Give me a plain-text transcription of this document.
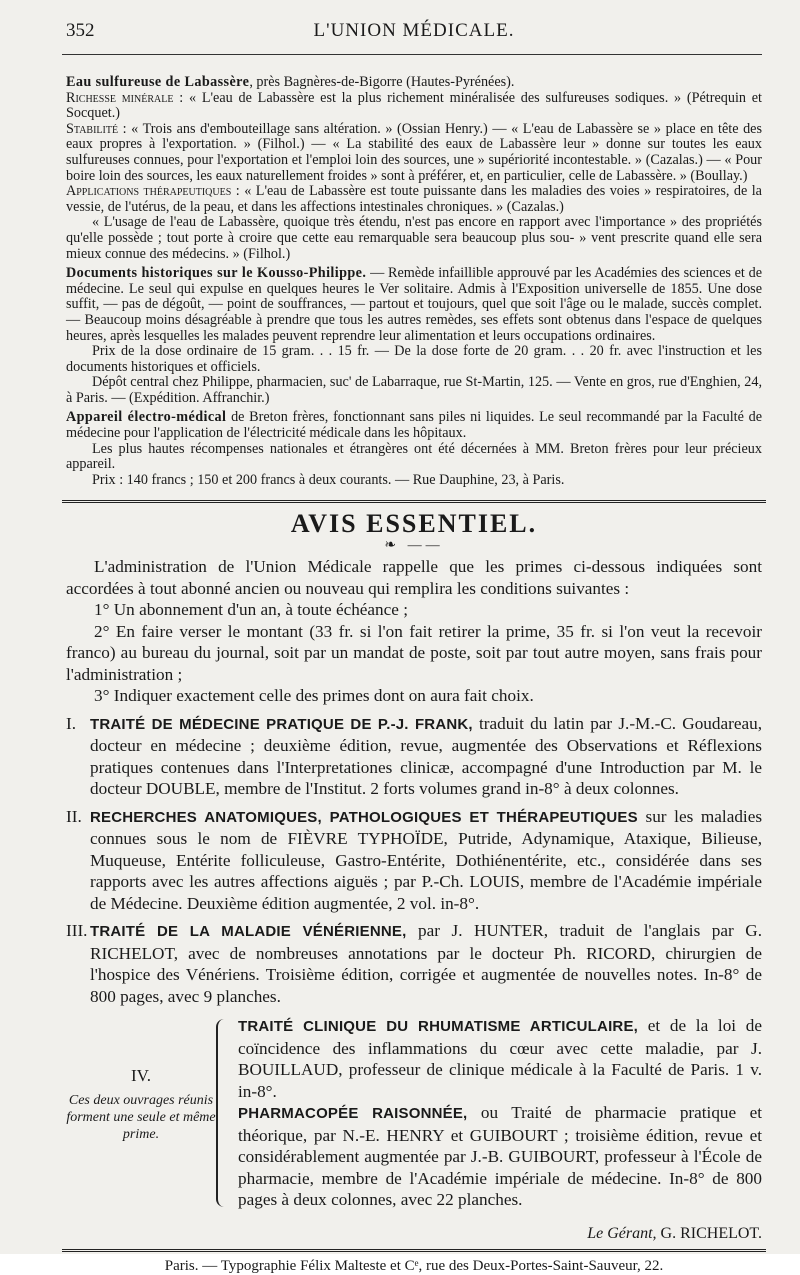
352	L'UNION MÉDICALE.

Eau sulfureuse de Labassère, près Bagnères-de-Bigorre (Hautes-Pyrénées).

Richesse minérale : « L'eau de Labassère est la plus richement minéralisée des sulfureuses sodiques. » (Pétrequin et Socquet.)

Stabilité : « Trois ans d'embouteillage sans altération. » (Ossian Henry.) — « L'eau de Labassère se » place en tête des eaux propres à l'exportation. » (Filhol.) — « La stabilité des eaux de Labassère leur » donne sur toutes les eaux sulfureuses connues, pour l'exportation et l'emploi loin des sources, une » supériorité incontestable. » (Cazalas.) — « Pour boire loin des sources, les eaux naturellement froides » sont à préférer, et, en particulier, celle de Labassère. » (Boullay.)

Applications thérapeutiques : « L'eau de Labassère est toute puissante dans les maladies des voies » respiratoires, de la vessie, de l'utérus, de la peau, et dans les affections intestinales chroniques. » (Cazalas.)

« L'usage de l'eau de Labassère, quoique très étendu, n'est pas encore en rapport avec l'importance » des propriétés qu'elle possède ; tout porte à croire que cette eau remarquable sera beaucoup plus sou- » vent prescrite quand elle sera mieux connue des médecins. » (Filhol.)

Documents historiques sur le Kousso-Philippe. — Remède infaillible approuvé par les Académies des sciences et de médecine. Le seul qui expulse en quelques heures le Ver solitaire. Admis à l'Exposition universelle de 1855. Une dose suffit, — pas de dégoût, — point de souffrances, — partout et toujours, quel que soit l'âge ou le malade, succès complet. — Beaucoup moins désagréable à prendre que tous les autres remèdes, ses effets sont obtenus dans l'espace de quelques heures, après lesquelles les malades peuvent reprendre leur alimentation et leurs occupations ordinaires.

Prix de la dose ordinaire de 15 gram. . . 15 fr. — De la dose forte de 20 gram. . . 20 fr. avec l'instruction et les documents historiques et officiels.

Dépôt central chez Philippe, pharmacien, suc' de Labarraque, rue St-Martin, 125. — Vente en gros, rue d'Enghien, 24, à Paris. — (Expédition. Affranchir.)

Appareil électro-médical de Breton frères, fonctionnant sans piles ni liquides. Le seul recommandé par la Faculté de médecine pour l'application de l'électricité médicale dans les hôpitaux.

Les plus hautes récompenses nationales et étrangères ont été décernées à MM. Breton frères pour leur précieux appareil.

Prix : 140 francs ; 150 et 200 francs à deux courants. — Rue Dauphine, 23, à Paris.

AVIS ESSENTIEL.
❧ ——

L'administration de l'Union Médicale rappelle que les primes ci-dessous indiquées sont accordées à tout abonné ancien ou nouveau qui remplira les conditions suivantes :

1° Un abonnement d'un an, à toute échéance ;

2° En faire verser le montant (33 fr. si l'on fait retirer la prime, 35 fr. si l'on veut la recevoir franco) au bureau du journal, soit par un mandat de poste, soit par tout autre moyen, sans frais pour l'administration ;

3° Indiquer exactement celle des primes dont on aura fait choix.

I. TRAITÉ DE MÉDECINE PRATIQUE DE P.-J. FRANK, traduit du latin par J.-M.-C. Goudareau, docteur en médecine ; deuxième édition, revue, augmentée des Observations et Réflexions pratiques contenues dans l'Interpretationes clinicæ, accompagné d'une Introduction par M. le docteur DOUBLE, membre de l'Institut. 2 forts volumes grand in-8° à deux colonnes.
II. RECHERCHES ANATOMIQUES, PATHOLOGIQUES ET THÉRAPEUTIQUES sur les maladies connues sous le nom de FIÈVRE TYPHOÏDE, Putride, Adynamique, Ataxique, Bilieuse, Muqueuse, Entérite folliculeuse, Gastro-Entérite, Dothiénentérite, etc., considérée dans ses rapports avec les autres affections aiguës ; par P.-Ch. LOUIS, membre de l'Académie impériale de Médecine. Deuxième édition augmentée, 2 vol. in-8°.
III. TRAITÉ DE LA MALADIE VÉNÉRIENNE, par J. HUNTER, traduit de l'anglais par G. RICHELOT, avec de nombreuses annotations par le docteur Ph. RICORD, chirurgien de l'hospice des Vénériens. Troisième édition, corrigée et augmentée de nouvelles notes. In-8° de 800 pages, avec 9 planches.
IV.
Ces deux ouvrages réunis forment une seule et même prime.

TRAITÉ CLINIQUE DU RHUMATISME ARTICULAIRE, et de la loi de coïncidence des inflammations du cœur avec cette maladie, par J. BOUILLAUD, professeur de clinique médicale à la Faculté de Paris. 1 v. in-8°.

PHARMACOPÉE RAISONNÉE, ou Traité de pharmacie pratique et théorique, par N.-E. HENRY et GUIBOURT ; troisième édition, revue et considérablement augmentée par J.-B. GUIBOURT, professeur à l'École de pharmacie, membre de l'Académie impériale de médecine. In-8° de 800 pages à deux colonnes, avec 22 planches.

Le Gérant, G. RICHELOT.
Paris. — Typographie Félix Malteste et Cᵉ, rue des Deux-Portes-Saint-Sauveur, 22.
